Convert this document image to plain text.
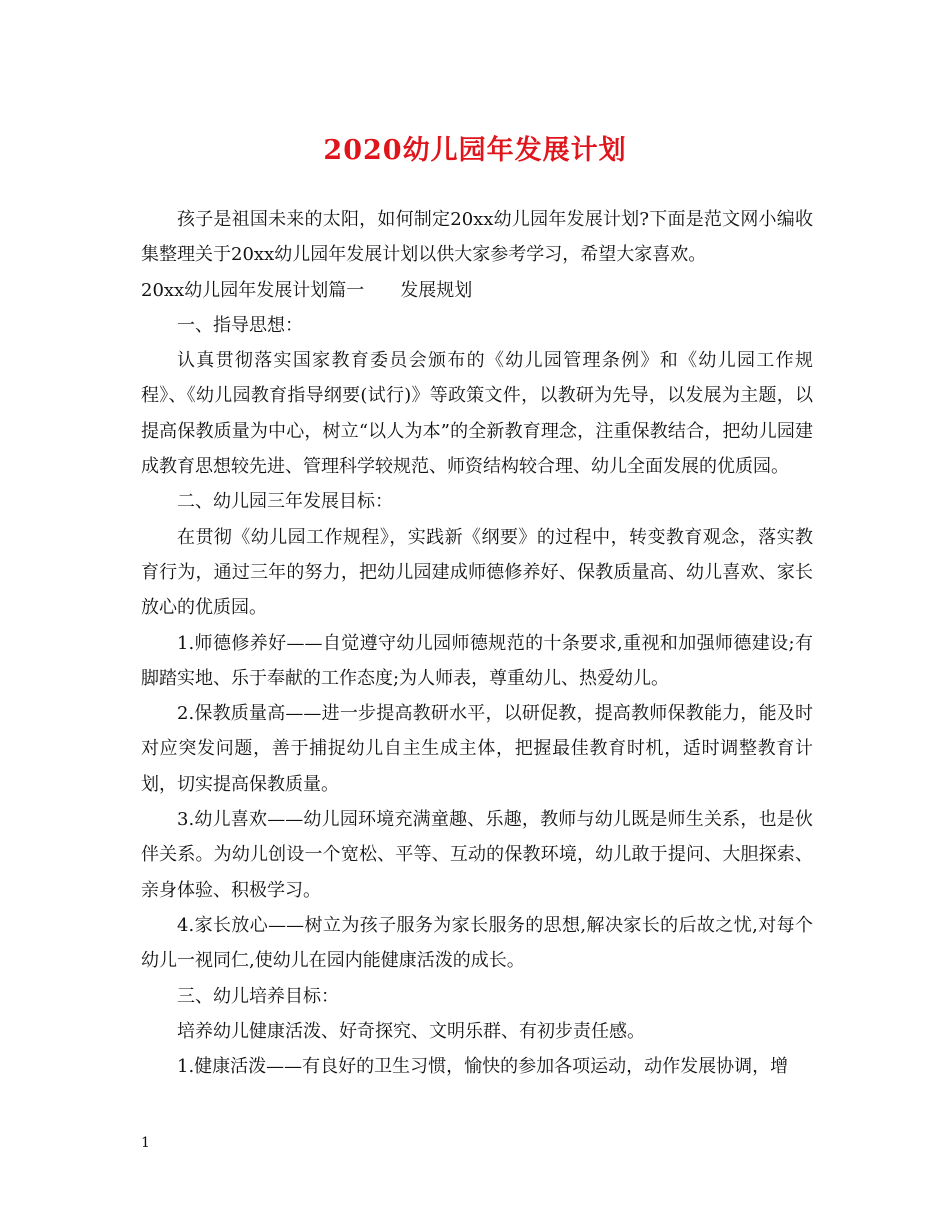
2020幼儿园年发展计划

孩子是祖国未来的太阳，如何制定20xx幼儿园年发展计划?下面是范文网小编收集整理关于20xx幼儿园年发展计划以供大家参考学习，希望大家喜欢。

20xx幼儿园年发展计划篇一　　发展规划

一、指导思想：

认真贯彻落实国家教育委员会颁布的《幼儿园管理条例》和《幼儿园工作规程》、《幼儿园教育指导纲要(试行)》等政策文件，以教研为先导，以发展为主题，以提高保教质量为中心，树立“以人为本”的全新教育理念，注重保教结合，把幼儿园建成教育思想较先进、管理科学较规范、师资结构较合理、幼儿全面发展的优质园。

二、幼儿园三年发展目标：

在贯彻《幼儿园工作规程》，实践新《纲要》的过程中，转变教育观念，落实教育行为，通过三年的努力，把幼儿园建成师德修养好、保教质量高、幼儿喜欢、家长放心的优质园。

1.师德修养好——自觉遵守幼儿园师德规范的十条要求,重视和加强师德建设;有脚踏实地、乐于奉献的工作态度;为人师表，尊重幼儿、热爱幼儿。

2.保教质量高——进一步提高教研水平，以研促教，提高教师保教能力，能及时对应突发问题，善于捕捉幼儿自主生成主体，把握最佳教育时机，适时调整教育计划，切实提高保教质量。

3.幼儿喜欢——幼儿园环境充满童趣、乐趣，教师与幼儿既是师生关系，也是伙伴关系。为幼儿创设一个宽松、平等、互动的保教环境，幼儿敢于提问、大胆探索、亲身体验、积极学习。

4.家长放心——树立为孩子服务为家长服务的思想,解决家长的后故之忧,对每个幼儿一视同仁,使幼儿在园内能健康活泼的成长。

三、幼儿培养目标：

培养幼儿健康活泼、好奇探究、文明乐群、有初步责任感。

1.健康活泼——有良好的卫生习惯，愉快的参加各项运动，动作发展协调，增

1
